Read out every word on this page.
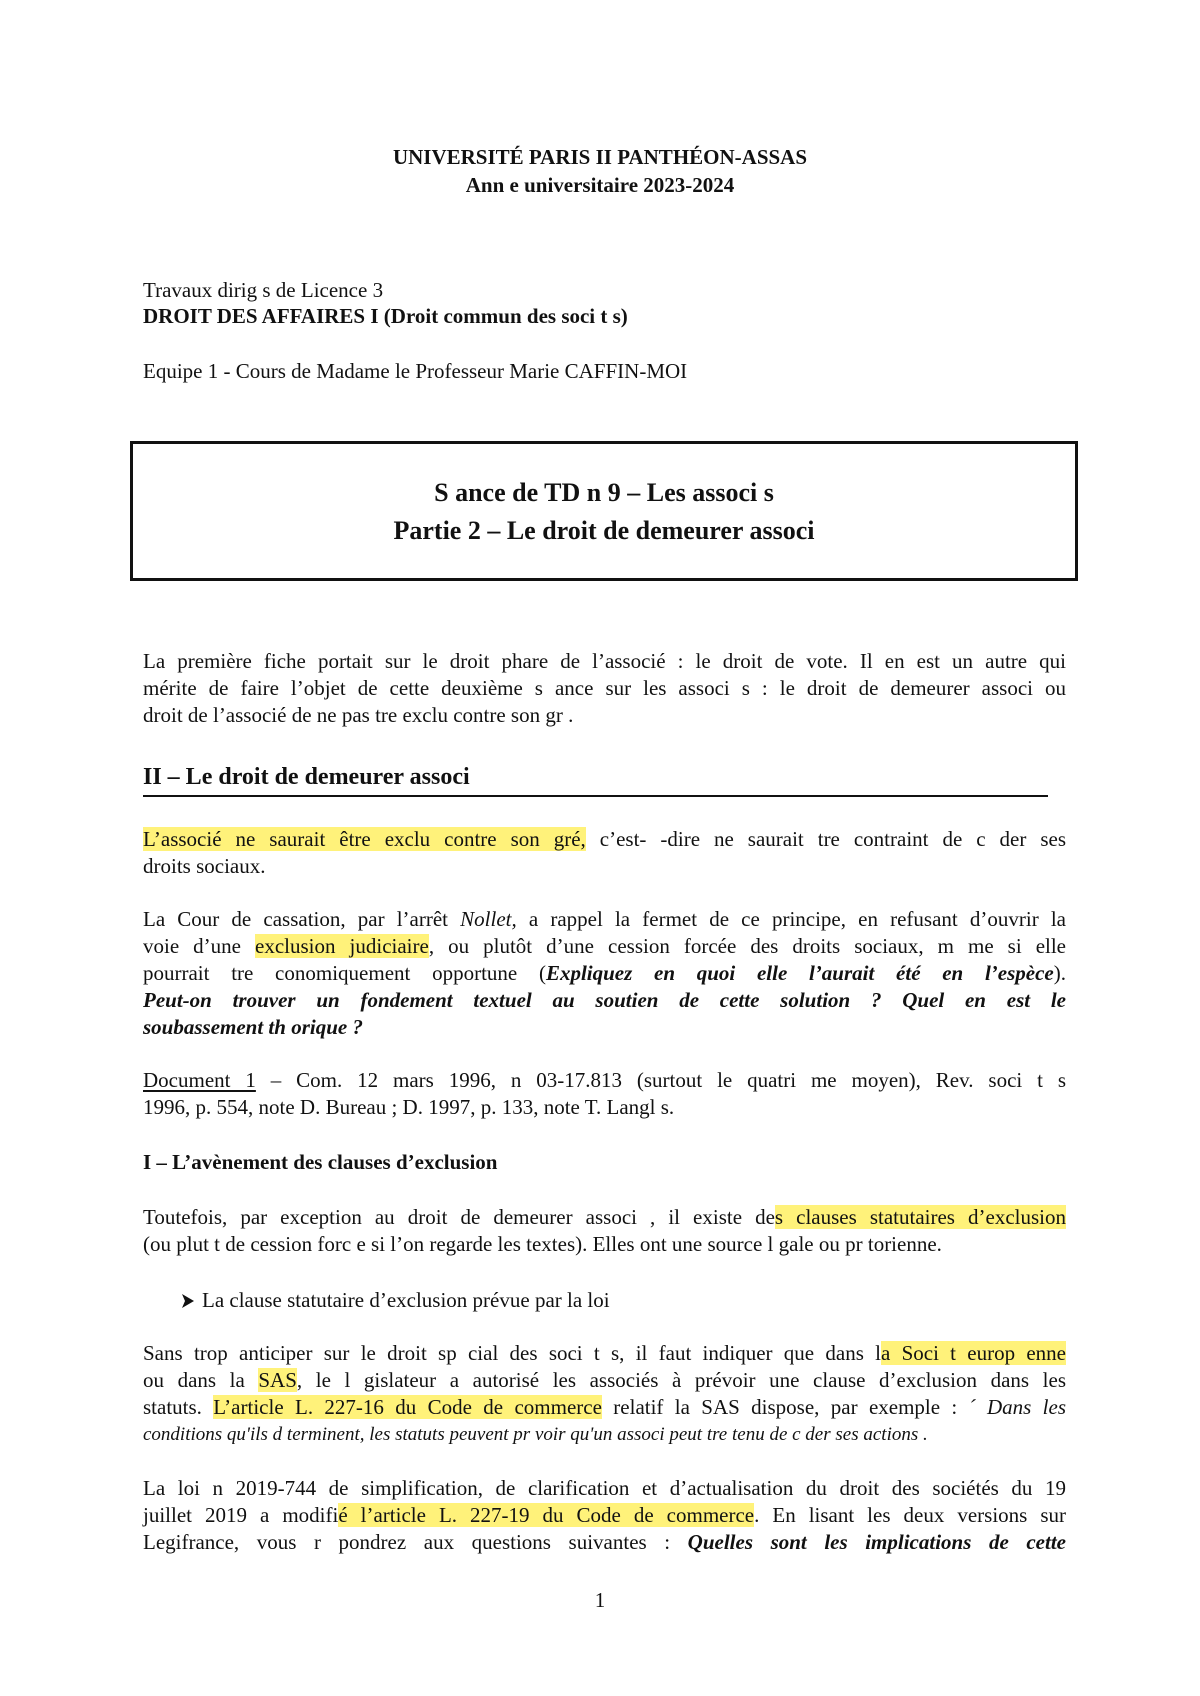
UNIVERSITÉ PARIS II PANTHÉON-ASSAS
Ann e universitaire 2023-2024
Travaux dirig s de Licence 3
DROIT DES AFFAIRES I (Droit commun des soci t s)
Equipe 1 - Cours de Madame le Professeur Marie CAFFIN-MOI
S ance de TD n 9 – Les associ s
Partie 2 – Le droit de demeurer associ
La première fiche portait sur le droit phare de l’associé : le droit de vote. Il en est un autre qui
mérite de faire l’objet de cette deuxième s ance sur les associ s : le droit de demeurer associ ou
droit de l’associé de ne pas tre exclu contre son gr .
II – Le droit de demeurer associ
L’associé ne saurait être exclu contre son gré, c’est- -dire ne saurait tre contraint de c der ses
droits sociaux.
La Cour de cassation, par l’arrêt Nollet, a rappel la fermet de ce principe, en refusant d’ouvrir la
voie d’une exclusion judiciaire, ou plutôt d’une cession forcée des droits sociaux, m me si elle
pourrait tre conomiquement opportune (Expliquez en quoi elle l’aurait été en l’espèce).
Peut-on trouver un fondement textuel au soutien de cette solution ? Quel en est le
soubassement th orique ?
Document 1 – Com. 12 mars 1996, n 03-17.813 (surtout le quatri me moyen), Rev. soci t s
1996, p. 554, note D. Bureau ; D. 1997, p. 133, note T. Langl s.
I – L’avènement des clauses d’exclusion
Toutefois, par exception au droit de demeurer associ , il existe des clauses statutaires d’exclusion
(ou plut t de cession forc e si l’on regarde les textes). Elles ont une source l gale ou pr torienne.
La clause statutaire d’exclusion prévue par la loi
Sans trop anticiper sur le droit sp cial des soci t s, il faut indiquer que dans la Soci t europ enne
ou dans la SAS, le l gislateur a autorisé les associés à prévoir une clause d’exclusion dans les
statuts. L’article L. 227-16 du Code de commerce relatif la SAS dispose, par exemple : ´ Dans les
conditions qu'ils d terminent, les statuts peuvent pr voir qu'un associ peut tre tenu de c der ses actions .
La loi n 2019-744 de simplification, de clarification et d’actualisation du droit des sociétés du 19
juillet 2019 a modifié l’article L. 227-19 du Code de commerce. En lisant les deux versions sur
Legifrance, vous r pondrez aux questions suivantes : Quelles sont les implications de cette
1
